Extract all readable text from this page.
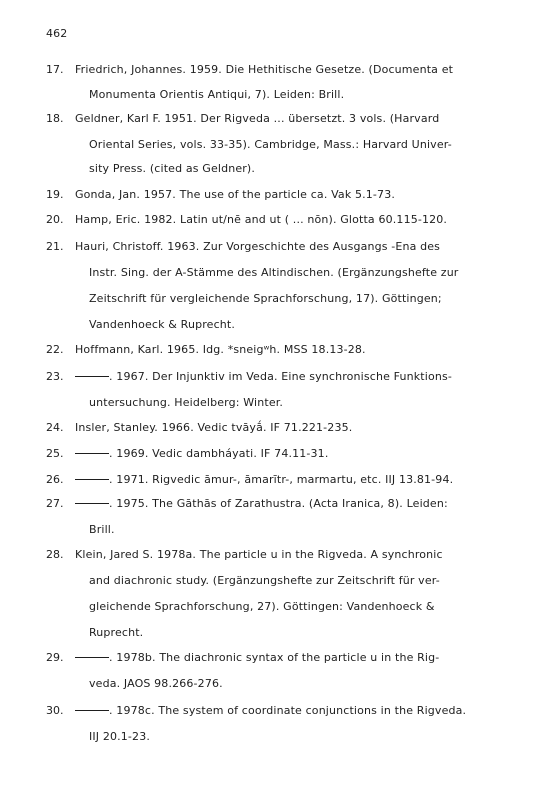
462
17. Friedrich, Johannes. 1959. Die Hethitische Gesetze. (Documenta et
Monumenta Orientis Antiqui, 7). Leiden: Brill.
18. Geldner, Karl F. 1951. Der Rigveda ... übersetzt. 3 vols. (Harvard
Oriental Series, vols. 33-35). Cambridge, Mass.: Harvard Univer-
sity Press. (cited as Geldner).
19. Gonda, Jan. 1957. The use of the particle ca. Vak 5.1-73.
20. Hamp, Eric. 1982. Latin ut/nē and ut ( ... nōn). Glotta 60.115-120.
21. Hauri, Christoff. 1963. Zur Vorgeschichte des Ausgangs -Ena des
Instr. Sing. der A-Stämme des Altindischen. (Ergänzungshefte zur
Zeitschrift für vergleichende Sprachforschung, 17). Göttingen;
Vandenhoeck & Ruprecht.
22. Hoffmann, Karl. 1965. Idg. *sneigʷh. MSS 18.13-28.
23.	. 1967. Der Injunktiv im Veda. Eine synchronische Funktions-
untersuchung. Heidelberg: Winter.
24. Insler, Stanley. 1966. Vedic tvāyā́. IF 71.221-235.
25.	. 1969. Vedic dambháyati. IF 74.11-31.
26.	. 1971. Rigvedic āmur-, āmarītr-, marmartu, etc. IIJ 13.81-94.
27.	. 1975. The Gāthās of Zarathustra. (Acta Iranica, 8). Leiden:
Brill.
28. Klein, Jared S. 1978a. The particle u in the Rigveda. A synchronic
and diachronic study. (Ergänzungshefte zur Zeitschrift für ver-
gleichende Sprachforschung, 27). Göttingen: Vandenhoeck &
Ruprecht.
29.	. 1978b. The diachronic syntax of the particle u in the Rig-
veda. JAOS 98.266-276.
30.	. 1978c. The system of coordinate conjunctions in the Rigveda.
IIJ 20.1-23.
